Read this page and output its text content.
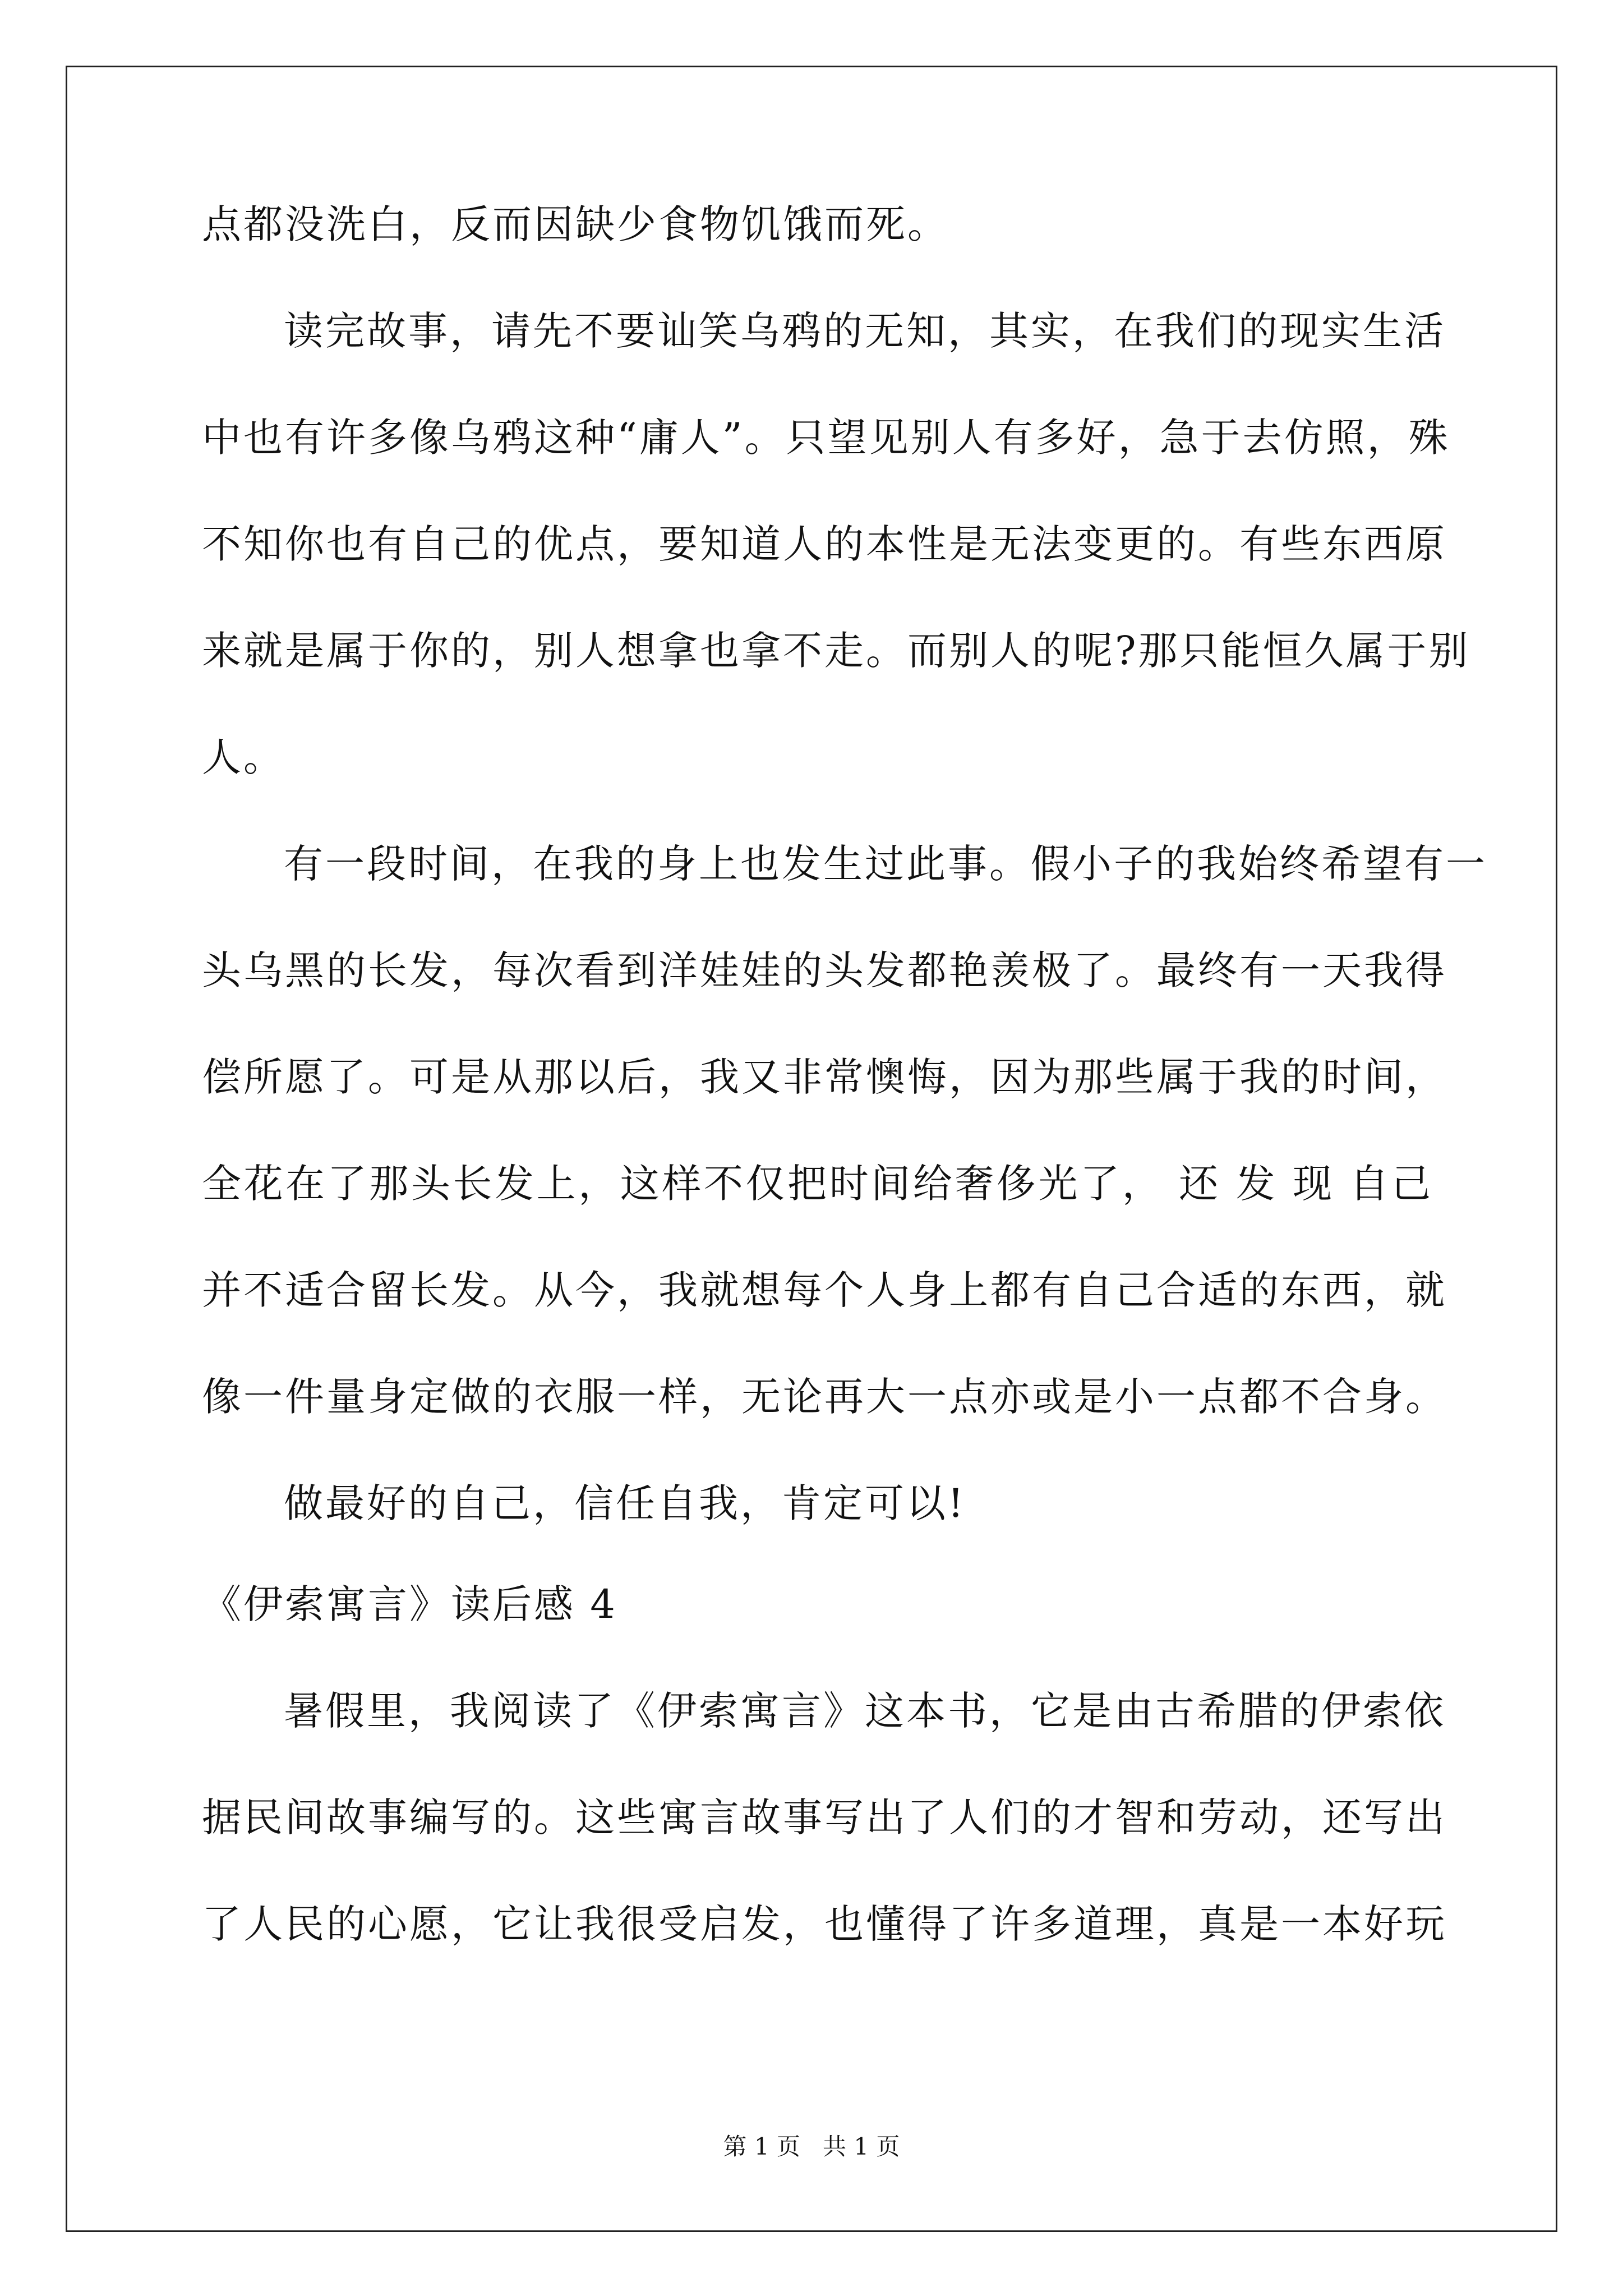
点都没洗白，反而因缺少食物饥饿而死。
读完故事，请先不要讪笑乌鸦的无知，其实，在我们的现实生活
中也有许多像乌鸦这种“庸人”。只望见别人有多好，急于去仿照，殊
不知你也有自己的优点，要知道人的本性是无法变更的。有些东西原
来就是属于你的，别人想拿也拿不走。而别人的呢?那只能恒久属于别
人。
有一段时间，在我的身上也发生过此事。假小子的我始终希望有一
头乌黑的长发，每次看到洋娃娃的头发都艳羡极了。最终有一天我得
偿所愿了。可是从那以后，我又非常懊悔，因为那些属于我的时间，
全花在了那头长发上，这样不仅把时间给奢侈光了， 还 发 现 自己
并不适合留长发。从今，我就想每个人身上都有自己合适的东西，就
像一件量身定做的衣服一样，无论再大一点亦或是小一点都不合身。
做最好的自己，信任自我，肯定可以!
《伊索寓言》读后感 4
暑假里，我阅读了《伊索寓言》这本书，它是由古希腊的伊索依
据民间故事编写的。这些寓言故事写出了人们的才智和劳动，还写出
了人民的心愿，它让我很受启发，也懂得了许多道理，真是一本好玩
第 1 页   共 1 页
